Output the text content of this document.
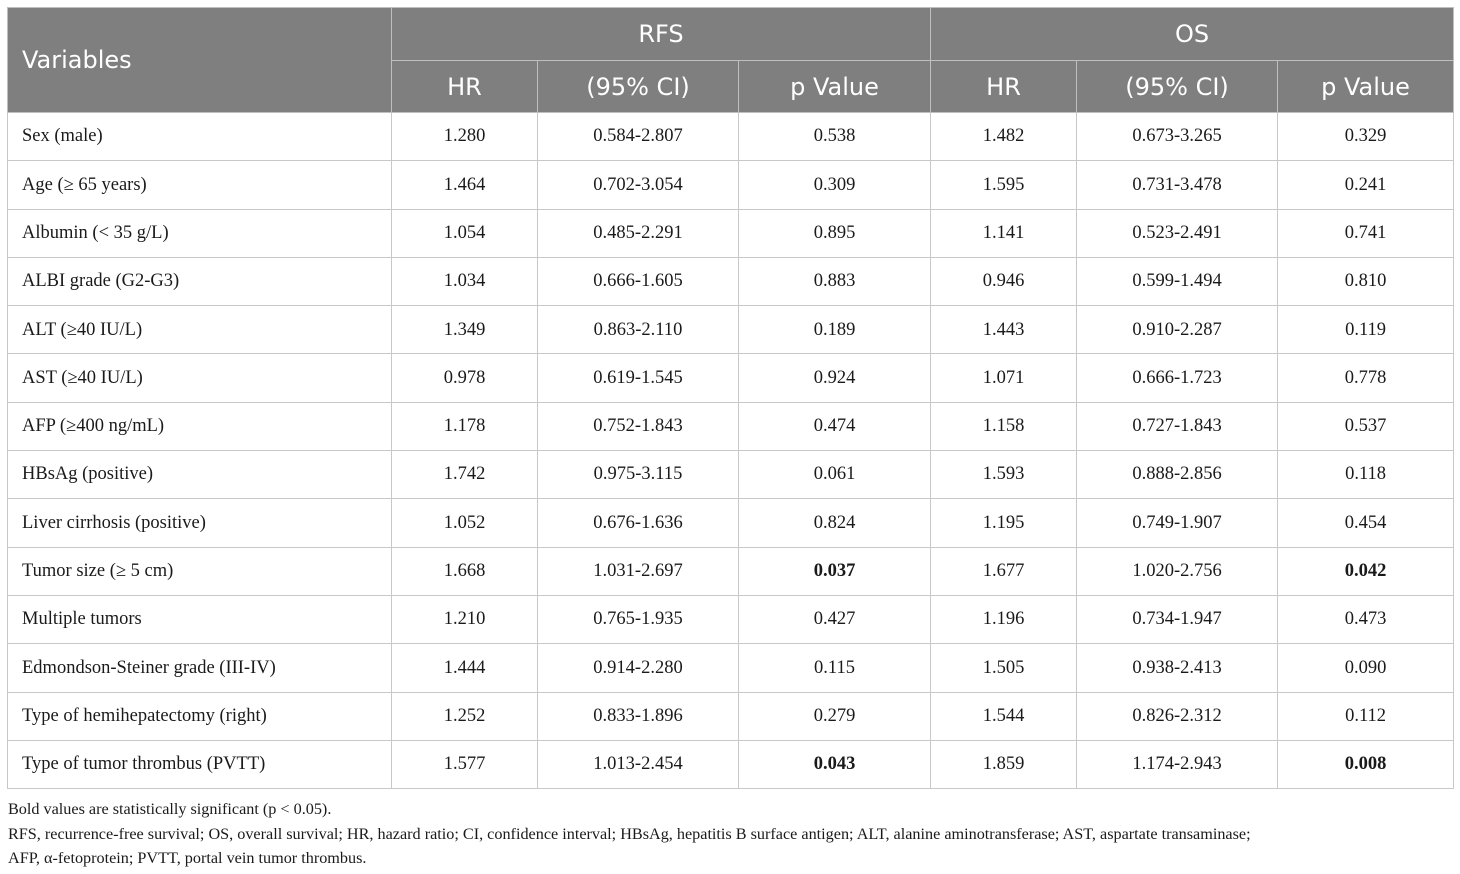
Variables	RFS			OS		
	HR	(95% CI)	p Value	HR	(95% CI)	p Value
Sex (male)	1.280	0.584-2.807	0.538	1.482	0.673-3.265	0.329
Age (≥ 65 years)	1.464	0.702-3.054	0.309	1.595	0.731-3.478	0.241
Albumin (< 35 g/L)	1.054	0.485-2.291	0.895	1.141	0.523-2.491	0.741
ALBI grade (G2-G3)	1.034	0.666-1.605	0.883	0.946	0.599-1.494	0.810
ALT (≥40 IU/L)	1.349	0.863-2.110	0.189	1.443	0.910-2.287	0.119
AST (≥40 IU/L)	0.978	0.619-1.545	0.924	1.071	0.666-1.723	0.778
AFP (≥400 ng/mL)	1.178	0.752-1.843	0.474	1.158	0.727-1.843	0.537
HBsAg (positive)	1.742	0.975-3.115	0.061	1.593	0.888-2.856	0.118
Liver cirrhosis (positive)	1.052	0.676-1.636	0.824	1.195	0.749-1.907	0.454
Tumor size (≥ 5 cm)	1.668	1.031-2.697	0.037	1.677	1.020-2.756	0.042
Multiple tumors	1.210	0.765-1.935	0.427	1.196	0.734-1.947	0.473
Edmondson-Steiner grade (III-IV)	1.444	0.914-2.280	0.115	1.505	0.938-2.413	0.090
Type of hemihepatectomy (right)	1.252	0.833-1.896	0.279	1.544	0.826-2.312	0.112
Type of tumor thrombus (PVTT)	1.577	1.013-2.454	0.043	1.859	1.174-2.943	0.008

Bold values are statistically significant (p < 0.05).

RFS, recurrence-free survival; OS, overall survival; HR, hazard ratio; CI, confidence interval; HBsAg, hepatitis B surface antigen; ALT, alanine aminotransferase; AST, aspartate transaminase;

AFP, α-fetoprotein; PVTT, portal vein tumor thrombus.
